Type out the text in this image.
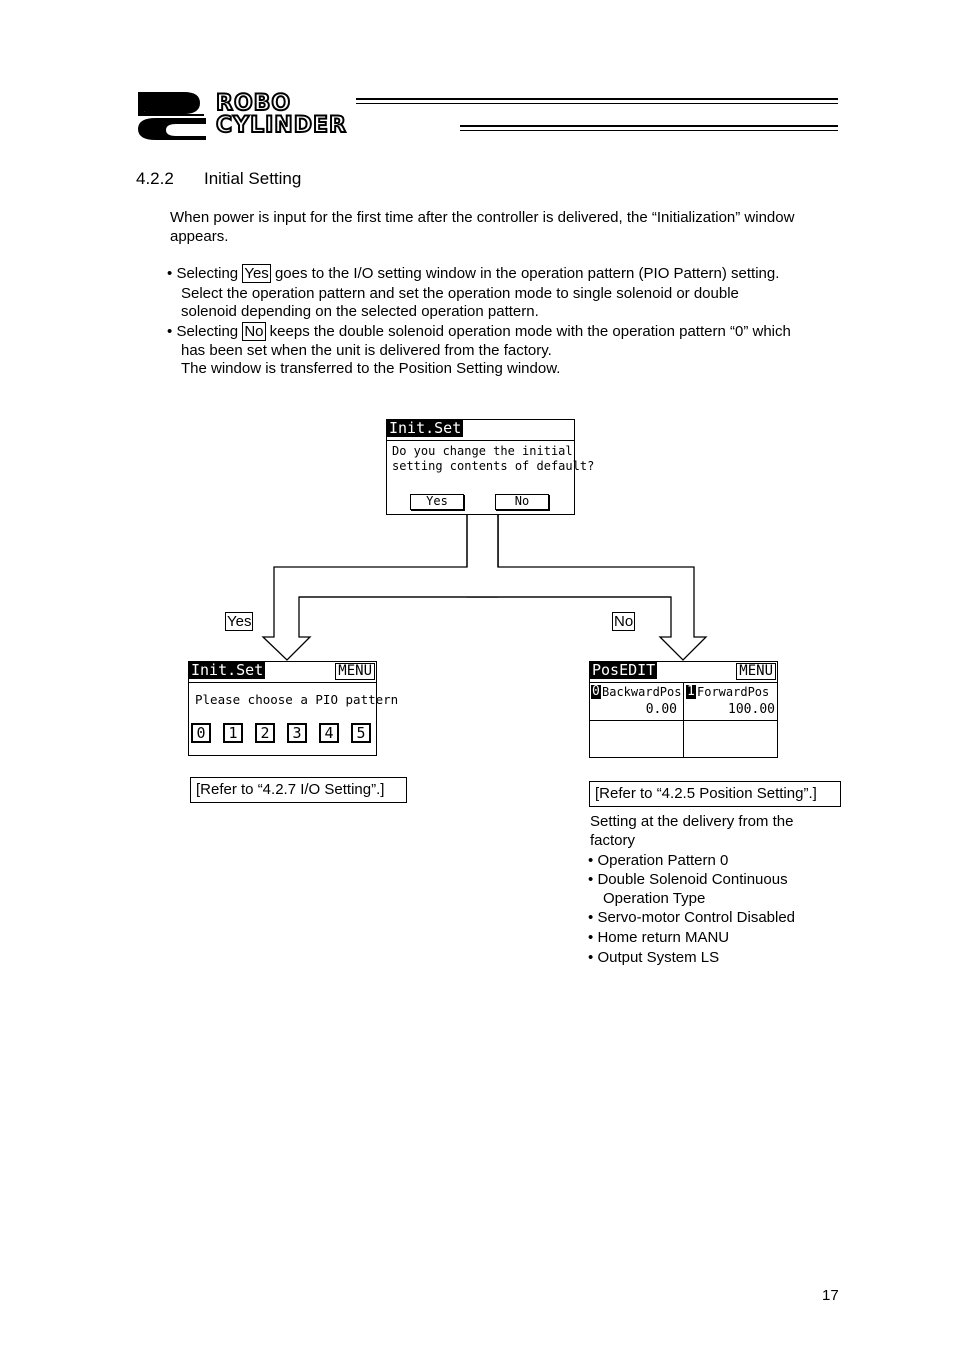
R	ROBO
CYLINDER
4.2.2 Initial Setting
When power is input for the first time after the controller is delivered, the “Initialization” window
appears.
• Selecting Yes goes to the I/O setting window in the operation pattern (PIO Pattern) setting.
Select the operation pattern and set the operation mode to single solenoid or double
solenoid depending on the selected operation pattern.
• Selecting No keeps the double solenoid operation mode with the operation pattern “0” which
has been set when the unit is delivered from the factory.
The window is transferred to the Position Setting window.
Init.Set
Do you change the initial
setting contents of default?
Yes	No
Yes	No
Init.Set	MENU
Please choose a PIO pattern
0	1	2	3	4	5
PosEDIT	MENU
0 BackwardPos
0.00
1 ForwardPos
100.00
[Refer to “4.2.7 I/O Setting”.]	[Refer to “4.2.5 Position Setting”.]
Setting at the delivery from the
factory
• Operation Pattern 0
• Double Solenoid Continuous
Operation Type
• Servo-motor Control Disabled
• Home return MANU
• Output System LS
17
